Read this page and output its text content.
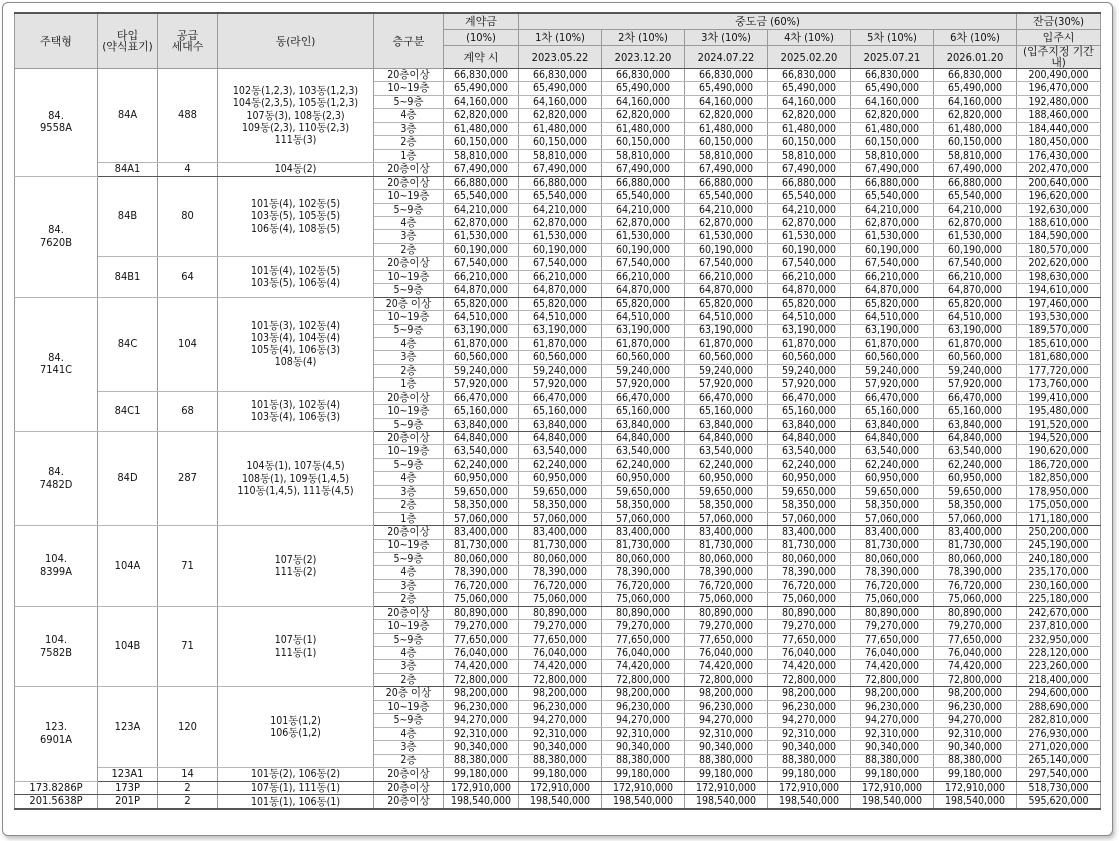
주택형	타입
(약식표기)	공급
세대수	동(라인)	층구분	계약금	중도금 (60%)						잔금(30%)
					(10%)	1차 (10%)	2차 (10%)	3차 (10%)	4차 (10%)	5차 (10%)	6차 (10%)	입주시
					계약 시	2023.05.22	2023.12.20	2024.07.22	2025.02.20	2025.07.21	2026.01.20	(입주지정 기간 내)
84.
9558A	84A	488	102동(1,2,3), 103동(1,2,3)
104동(2,3,5), 105동(1,2,3)
107동(3), 108동(2,3)
109동(2,3), 110동(2,3)
111동(3)	20층이상	66,830,000	66,830,000	66,830,000	66,830,000	66,830,000	66,830,000	66,830,000	200,490,000
				10~19층	65,490,000	65,490,000	65,490,000	65,490,000	65,490,000	65,490,000	65,490,000	196,470,000
				5~9층	64,160,000	64,160,000	64,160,000	64,160,000	64,160,000	64,160,000	64,160,000	192,480,000
				4층	62,820,000	62,820,000	62,820,000	62,820,000	62,820,000	62,820,000	62,820,000	188,460,000
				3층	61,480,000	61,480,000	61,480,000	61,480,000	61,480,000	61,480,000	61,480,000	184,440,000
				2층	60,150,000	60,150,000	60,150,000	60,150,000	60,150,000	60,150,000	60,150,000	180,450,000
				1층	58,810,000	58,810,000	58,810,000	58,810,000	58,810,000	58,810,000	58,810,000	176,430,000
	84A1	4	104동(2)	20층이상	67,490,000	67,490,000	67,490,000	67,490,000	67,490,000	67,490,000	67,490,000	202,470,000
84.
7620B	84B	80	101동(4), 102동(5)
103동(5), 105동(5)
106동(4), 108동(5)	20층이상	66,880,000	66,880,000	66,880,000	66,880,000	66,880,000	66,880,000	66,880,000	200,640,000
				10~19층	65,540,000	65,540,000	65,540,000	65,540,000	65,540,000	65,540,000	65,540,000	196,620,000
				5~9층	64,210,000	64,210,000	64,210,000	64,210,000	64,210,000	64,210,000	64,210,000	192,630,000
				4층	62,870,000	62,870,000	62,870,000	62,870,000	62,870,000	62,870,000	62,870,000	188,610,000
				3층	61,530,000	61,530,000	61,530,000	61,530,000	61,530,000	61,530,000	61,530,000	184,590,000
				2층	60,190,000	60,190,000	60,190,000	60,190,000	60,190,000	60,190,000	60,190,000	180,570,000
	84B1	64	101동(4), 102동(5)
103동(5), 106동(4)	20층이상	67,540,000	67,540,000	67,540,000	67,540,000	67,540,000	67,540,000	67,540,000	202,620,000
				10~19층	66,210,000	66,210,000	66,210,000	66,210,000	66,210,000	66,210,000	66,210,000	198,630,000
				5~9층	64,870,000	64,870,000	64,870,000	64,870,000	64,870,000	64,870,000	64,870,000	194,610,000
84.
7141C	84C	104	101동(3), 102동(4)
103동(4), 104동(4)
105동(4), 106동(3)
108동(4)	20층 이상	65,820,000	65,820,000	65,820,000	65,820,000	65,820,000	65,820,000	65,820,000	197,460,000
				10~19층	64,510,000	64,510,000	64,510,000	64,510,000	64,510,000	64,510,000	64,510,000	193,530,000
				5~9층	63,190,000	63,190,000	63,190,000	63,190,000	63,190,000	63,190,000	63,190,000	189,570,000
				4층	61,870,000	61,870,000	61,870,000	61,870,000	61,870,000	61,870,000	61,870,000	185,610,000
				3층	60,560,000	60,560,000	60,560,000	60,560,000	60,560,000	60,560,000	60,560,000	181,680,000
				2층	59,240,000	59,240,000	59,240,000	59,240,000	59,240,000	59,240,000	59,240,000	177,720,000
				1층	57,920,000	57,920,000	57,920,000	57,920,000	57,920,000	57,920,000	57,920,000	173,760,000
	84C1	68	101동(3), 102동(4)
103동(4), 106동(3)	20층이상	66,470,000	66,470,000	66,470,000	66,470,000	66,470,000	66,470,000	66,470,000	199,410,000
				10~19층	65,160,000	65,160,000	65,160,000	65,160,000	65,160,000	65,160,000	65,160,000	195,480,000
				5~9층	63,840,000	63,840,000	63,840,000	63,840,000	63,840,000	63,840,000	63,840,000	191,520,000
84.
7482D	84D	287	104동(1), 107동(4,5)
108동(1), 109동(1,4,5)
110동(1,4,5), 111동(4,5)	20층이상	64,840,000	64,840,000	64,840,000	64,840,000	64,840,000	64,840,000	64,840,000	194,520,000
				10~19층	63,540,000	63,540,000	63,540,000	63,540,000	63,540,000	63,540,000	63,540,000	190,620,000
				5~9층	62,240,000	62,240,000	62,240,000	62,240,000	62,240,000	62,240,000	62,240,000	186,720,000
				4층	60,950,000	60,950,000	60,950,000	60,950,000	60,950,000	60,950,000	60,950,000	182,850,000
				3층	59,650,000	59,650,000	59,650,000	59,650,000	59,650,000	59,650,000	59,650,000	178,950,000
				2층	58,350,000	58,350,000	58,350,000	58,350,000	58,350,000	58,350,000	58,350,000	175,050,000
				1층	57,060,000	57,060,000	57,060,000	57,060,000	57,060,000	57,060,000	57,060,000	171,180,000
104.
8399A	104A	71	107동(2)
111동(2)	20층이상	83,400,000	83,400,000	83,400,000	83,400,000	83,400,000	83,400,000	83,400,000	250,200,000
				10~19층	81,730,000	81,730,000	81,730,000	81,730,000	81,730,000	81,730,000	81,730,000	245,190,000
				5~9층	80,060,000	80,060,000	80,060,000	80,060,000	80,060,000	80,060,000	80,060,000	240,180,000
				4층	78,390,000	78,390,000	78,390,000	78,390,000	78,390,000	78,390,000	78,390,000	235,170,000
				3층	76,720,000	76,720,000	76,720,000	76,720,000	76,720,000	76,720,000	76,720,000	230,160,000
				2층	75,060,000	75,060,000	75,060,000	75,060,000	75,060,000	75,060,000	75,060,000	225,180,000
104.
7582B	104B	71	107동(1)
111동(1)	20층이상	80,890,000	80,890,000	80,890,000	80,890,000	80,890,000	80,890,000	80,890,000	242,670,000
				10~19층	79,270,000	79,270,000	79,270,000	79,270,000	79,270,000	79,270,000	79,270,000	237,810,000
				5~9층	77,650,000	77,650,000	77,650,000	77,650,000	77,650,000	77,650,000	77,650,000	232,950,000
				4층	76,040,000	76,040,000	76,040,000	76,040,000	76,040,000	76,040,000	76,040,000	228,120,000
				3층	74,420,000	74,420,000	74,420,000	74,420,000	74,420,000	74,420,000	74,420,000	223,260,000
				2층	72,800,000	72,800,000	72,800,000	72,800,000	72,800,000	72,800,000	72,800,000	218,400,000
123.
6901A	123A	120	101동(1,2)
106동(1,2)	20층 이상	98,200,000	98,200,000	98,200,000	98,200,000	98,200,000	98,200,000	98,200,000	294,600,000
				10~19층	96,230,000	96,230,000	96,230,000	96,230,000	96,230,000	96,230,000	96,230,000	288,690,000
				5~9층	94,270,000	94,270,000	94,270,000	94,270,000	94,270,000	94,270,000	94,270,000	282,810,000
				4층	92,310,000	92,310,000	92,310,000	92,310,000	92,310,000	92,310,000	92,310,000	276,930,000
				3층	90,340,000	90,340,000	90,340,000	90,340,000	90,340,000	90,340,000	90,340,000	271,020,000
				2층	88,380,000	88,380,000	88,380,000	88,380,000	88,380,000	88,380,000	88,380,000	265,140,000
	123A1	14	101동(2), 106동(2)	20층이상	99,180,000	99,180,000	99,180,000	99,180,000	99,180,000	99,180,000	99,180,000	297,540,000
173.8286P	173P	2	107동(1), 111동(1)	20층이상	172,910,000	172,910,000	172,910,000	172,910,000	172,910,000	172,910,000	172,910,000	518,730,000
201.5638P	201P	2	101동(1), 106동(1)	20층이상	198,540,000	198,540,000	198,540,000	198,540,000	198,540,000	198,540,000	198,540,000	595,620,000
